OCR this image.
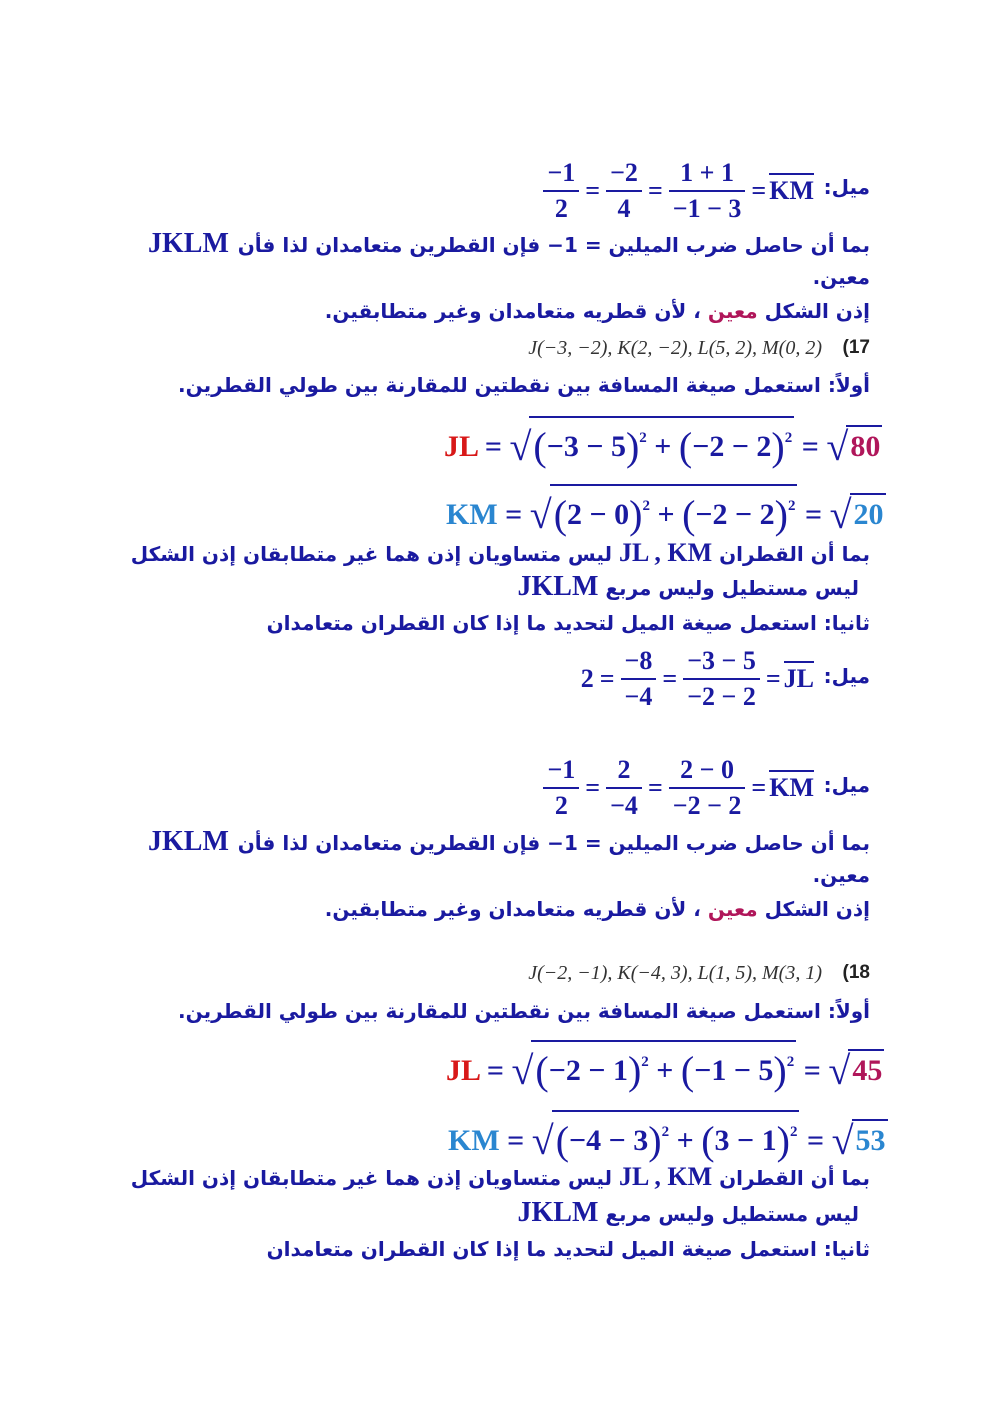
ميل:
$\frac{-1}{2} = \frac{-2}{4} = \frac{1 + 1}{-1 - 3}$ = KM
بما أن حاصل ضرب الميلين = 1− فإن القطرين متعامدان لذا فأن
JKLM
معين.
إذن الشكل معين ، لأن قطريه متعامدان وغير متطابقين.
(17
J(−3, −2), K(2, −2), L(5, 2), M(0, 2)
أولاً: استعمل صيغة المسافة بين نقطتين للمقارنة بين طولي القطرين.
JL = $√(-3 - 5)^2 + (-2 - 2)^2 = √80$
KM = $√(2 - 0)^2 + (-2 - 2)^2 = √20$
بما أن القطران JL , KM ليس متساويان إذن هما غير متطابقان إذن الشكل
ليس مستطيل وليس مربع JKLM
ثانيا: استعمل صيغة الميل لتحديد ما إذا كان القطران متعامدان
ميل:
$2 = \frac{-8}{-4} = \frac{-3 - 5}{-2 - 2}$ = JL
ميل:
$\frac{-1}{2} = \frac{2}{-4} = \frac{2 - 0}{-2 - 2}$ = KM
بما أن حاصل ضرب الميلين = 1− فإن القطرين متعامدان لذا فأن
JKLM
معين.
إذن الشكل معين ، لأن قطريه متعامدان وغير متطابقين.
(18
J(−2, −1), K(−4, 3), L(1, 5), M(3, 1)
أولاً: استعمل صيغة المسافة بين نقطتين للمقارنة بين طولي القطرين.
JL = $√(-2 - 1)^2 + (-1 - 5)^2 = √45$
KM = $√(-4 - 3)^2 + (3 - 1)^2 = √53$
بما أن القطران JL , KM ليس متساويان إذن هما غير متطابقان إذن الشكل
ليس مستطيل وليس مربع JKLM
ثانيا: استعمل صيغة الميل لتحديد ما إذا كان القطران متعامدان
